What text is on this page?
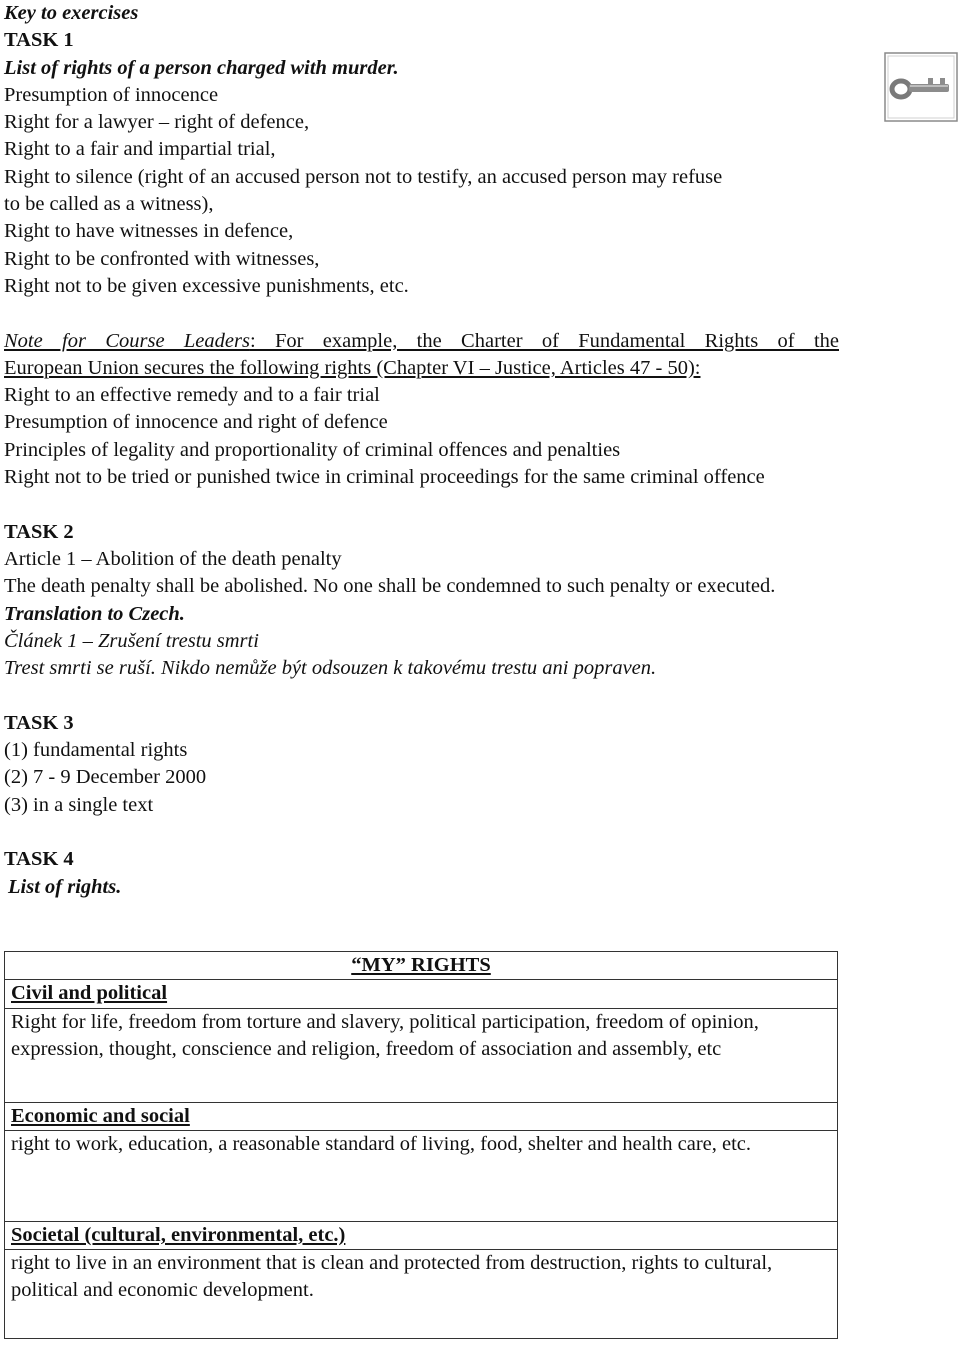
Key to exercises
TASK 1
List of rights of a person charged with murder.
Presumption of innocence
Right for a lawyer – right of defence,
Right to a fair and impartial trial,
Right to silence (right of an accused person not to testify, an accused person may refuse
to be called as a witness),
Right to have witnesses in defence,
Right to be confronted with witnesses,
Right not to be given excessive punishments, etc.
Note for Course Leaders: For example, the Charter of Fundamental Rights of the
European Union secures the following rights (Chapter VI – Justice, Articles 47 - 50):
Right to an effective remedy and to a fair trial
Presumption of innocence and right of defence
Principles of legality and proportionality of criminal offences and penalties
Right not to be tried or punished twice in criminal proceedings for the same criminal offence
TASK 2
Article 1 – Abolition of the death penalty
The death penalty shall be abolished. No one shall be condemned to such penalty or executed.
Translation to Czech.
Článek 1 – Zrušení trestu smrti
Trest smrti se ruší. Nikdo nemůže být odsouzen k takovému trestu ani popraven.
TASK 3
(1) fundamental rights
(2) 7 - 9 December 2000
(3) in a single text
TASK 4
List of rights.
“MY” RIGHTS
Civil and political
Right for life, freedom from torture and slavery, political participation, freedom of opinion, expression, thought, conscience and religion, freedom of association and assembly, etc
Economic and social
right to work, education, a reasonable standard of living, food, shelter and health care, etc.
Societal (cultural, environmental, etc.)
right to live in an environment that is clean and protected from destruction, rights to cultural, political and economic development.
